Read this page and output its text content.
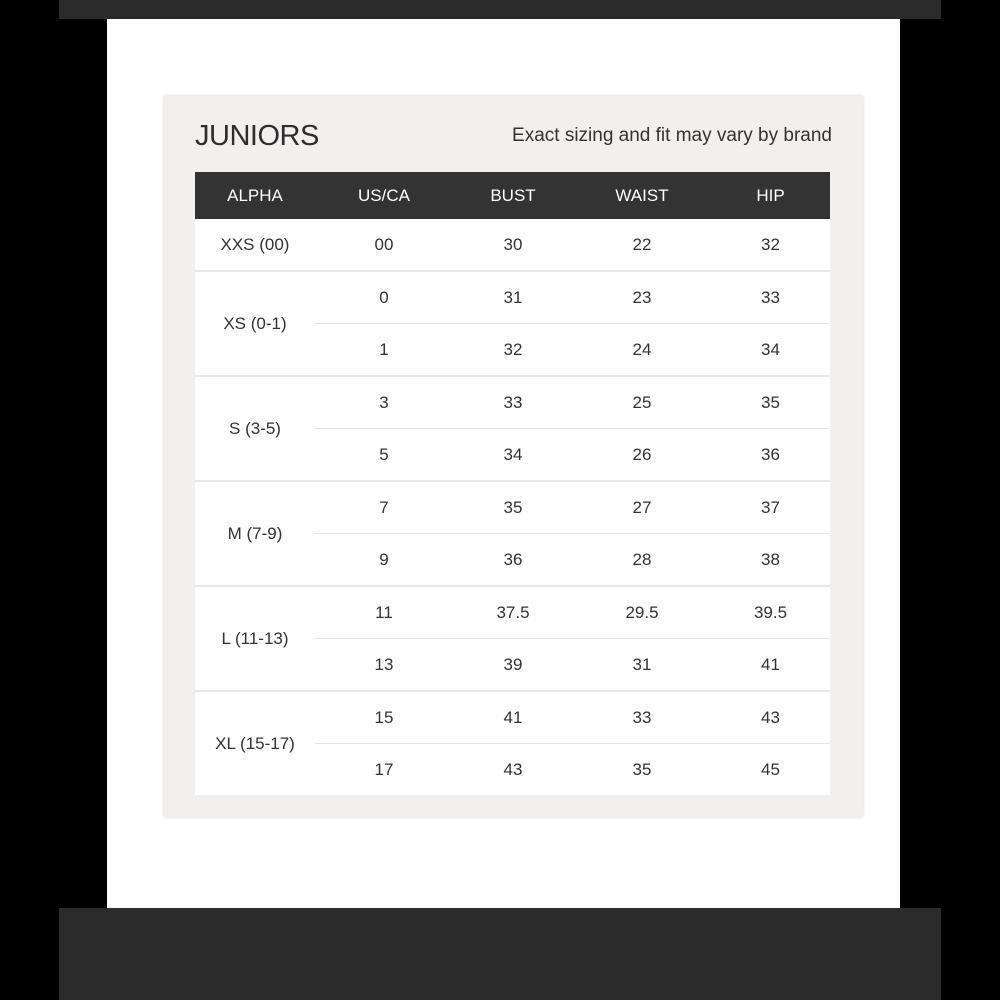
JUNIORS	Exact sizing and fit may vary by brand
ALPHA	US/CA	BUST	WAIST	HIP
XXS (00)	00	30	22	32
XS (0-1)
0	31	23	33
1	32	24	34
S (3-5)
3	33	25	35
5	34	26	36
M (7-9)
7	35	27	37
9	36	28	38
L (11-13)
11	37.5	29.5	39.5
13	39	31	41
XL (15-17)
15	41	33	43
17	43	35	45
